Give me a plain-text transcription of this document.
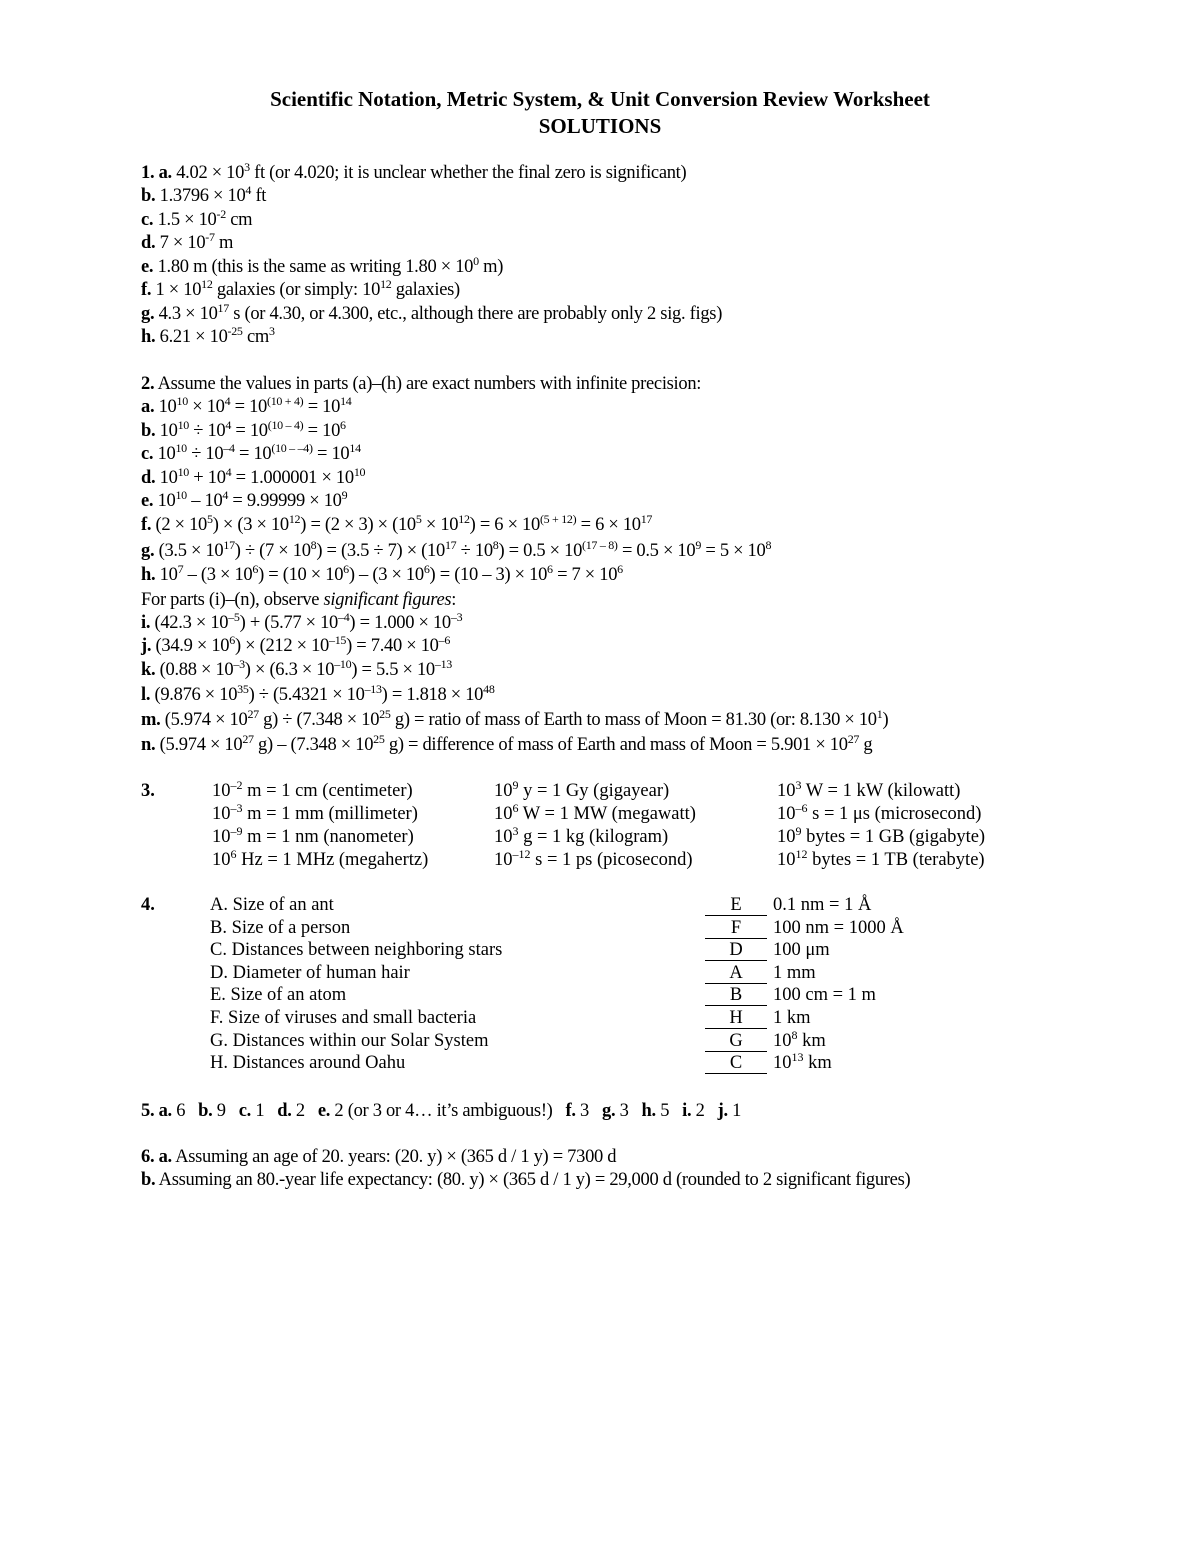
Scientific Notation, Metric System, & Unit Conversion Review Worksheet
SOLUTIONS
1. a. $4.02 \times 10^3$ ft (or 4.020; it is unclear whether the final zero is significant)
b. $1.3796 \times 10^4$ ft
c. $1.5 \times 10^{-2}$ cm
d. $7 \times 10^{-7}$ m
e. 1.80 m (this is the same as writing $1.80 \times 10^0$ m)
f. $1 \times 10^{12}$ galaxies (or simply: $10^{12}$ galaxies)
g. $4.3 \times 10^{17}$ s (or 4.30, or 4.300, etc., although there are probably only 2 sig. figs)
h. $6.21 \times 10^{-25}$ $cm^3$
2. Assume the values in parts (a)–(h) are exact numbers with infinite precision:
a. $10^{10} \times 10^4 = 10^{(10 + 4)} = 10^{14}$
b. $10^{10} \div 10^4 = 10^{(10 - 4)} = 10^6$
c. $10^{10} \div 10^{-4} = 10^{(10 - -4)} = 10^{14}$
d. $10^{10} + 10^4 = 1.000001 \times 10^{10}$
e. $10^{10} - 10^4 = 9.99999 \times 10^9$
f. $(2 \times 10^5) \times (3 \times 10^{12}) = (2 \times 3) \times (10^5 \times 10^{12}) = 6 \times 10^{(5 + 12)} = 6 \times 10^{17}$
g. $(3.5 \times 10^{17}) \div (7 \times 10^8) = (3.5 \div 7) \times (10^{17} \div 10^8) = 0.5 \times 10^{(17 - 8)} = 0.5 \times 10^9 = 5 \times 10^8$
h. $10^7 - (3 \times 10^6) = (10 \times 10^6) - (3 \times 10^6) = (10 - 3) \times 10^6 = 7 \times 10^6$
For parts (i)–(n), observe significant figures:
i. $(42.3 \times 10^{-5}) + (5.77 \times 10^{-4}) = 1.000 \times 10^{-3}$
j. $(34.9 \times 10^6) \times (212 \times 10^{-15}) = 7.40 \times 10^{-6}$
k. $(0.88 \times 10^{-3}) \times (6.3 \times 10^{-10}) = 5.5 \times 10^{-13}$
l. $(9.876 \times 10^{35}) \div (5.4321 \times 10^{-13}) = 1.818 \times 10^{48}$
m. ($5.974 \times 10^{27}$ $g) \div (7.348 \times 10^{25}$ g) = ratio of mass of Earth to mass of Moon = 81.30 (or: $8.130 \times 10^1$)
n. ($5.974 \times 10^{27}$ $g) - (7.348 \times 10^{25}$ g) = difference of mass of Earth and mass of Moon = $5.901 \times 10^{27}$ g
3.	$10^{-2}$ m = 1 cm (centimeter)
$10^{-3}$ m = 1 mm (millimeter)
$10^{-9}$ m = 1 nm (nanometer)
$10^6$ Hz = 1 MHz (megahertz)
$10^9$ y = 1 Gy (gigayear)
$10^6$ W = 1 MW (megawatt)
$10^3$ g = 1 kg (kilogram)
$10^{-12}$ s = 1 ps (picosecond)
$10^3$ W = 1 kW (kilowatt)
$10^{-6}$ s = 1 μs (microsecond)
$10^9$ bytes = 1 GB (gigabyte)
$10^{12}$ bytes = 1 TB (terabyte)
4.	A. Size of an ant
B. Size of a person
C. Distances between neighboring stars
D. Diameter of human hair
E. Size of an atom
F. Size of viruses and small bacteria
G. Distances within our Solar System
H. Distances around Oahu
E 0.1 nm = 1 Å
F 100 nm = 1000 Å
D 100 μm
A 1 mm
B 100 cm = 1 m
H 1 km
G $10^8$ km
C $10^{13}$ km
5. a. 6 b. 9 c. 1 d. 2 e. 2 (or 3 or 4… it’s ambiguous!) f. 3 g. 3 h. 5 i. 2 j. 1
6. a. Assuming an age of 20. years: (20. y) × (365 d / 1 y) = 7300 d
b. Assuming an 80.-year life expectancy: (80. y) × (365 d / 1 y) = 29,000 d (rounded to 2 significant figures)
